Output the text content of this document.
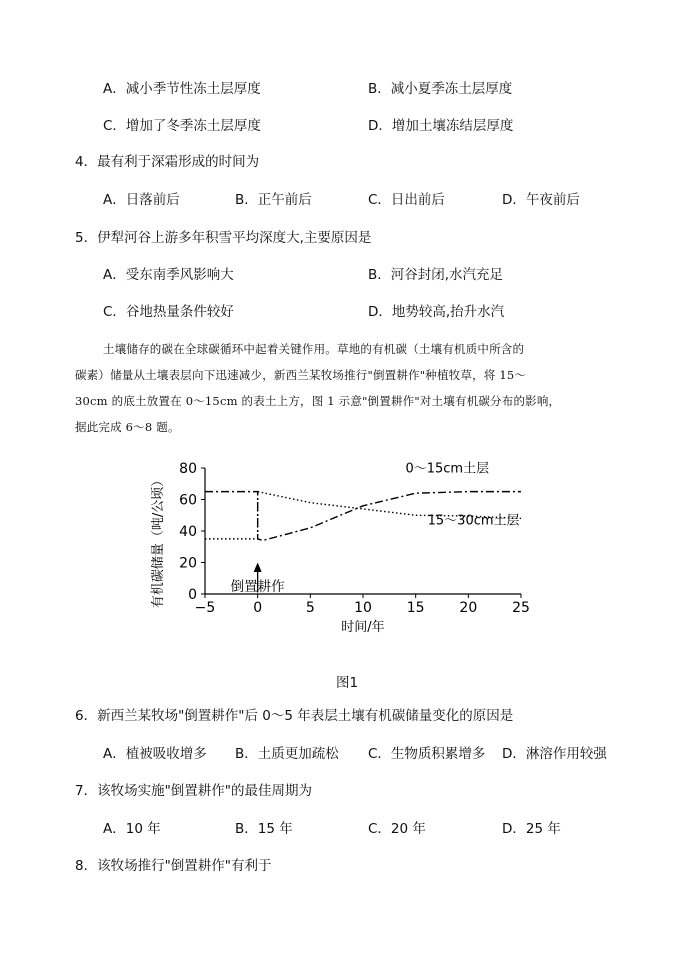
A．减小季节性冻土层厚度	B．减小夏季冻土层厚度
C．增加了冬季冻土层厚度	D．增加土壤冻结层厚度
4．最有利于深霜形成的时间为
A．日落前后	B．正午前后	C．日出前后	D．午夜前后
5．伊犁河谷上游多年积雪平均深度大,主要原因是
A．受东南季风影响大	B．河谷封闭,水汽充足
C．谷地热量条件较好	D．地势较高,抬升水汽
土壤储存的碳在全球碳循环中起着关键作用。草地的有机碳（土壤有机质中所含的
碳素）储量从土壤表层向下迅速减少，新西兰某牧场推行"倒置耕作"种植牧草，将 15～
30cm 的底土放置在 0～15cm 的表土上方，图 1 示意"倒置耕作"对土壤有机碳分布的影响，
据此完成 6～8 题。
−5	0	5	10 15 20 25
0
20
40
60
80
有机碳储量（吨/公顷）
时间/年
0～15cm土层
15～30cm土层
倒置耕作
图1
6．新西兰某牧场"倒置耕作"后 0～5 年表层土壤有机碳储量变化的原因是
A．植被吸收增多 B．土质更加疏松 C．生物质积累增多 D．淋溶作用较强
7．该牧场实施"倒置耕作"的最佳周期为
A．10 年	B．15 年	C．20 年	D．25 年
8．该牧场推行"倒置耕作"有利于
